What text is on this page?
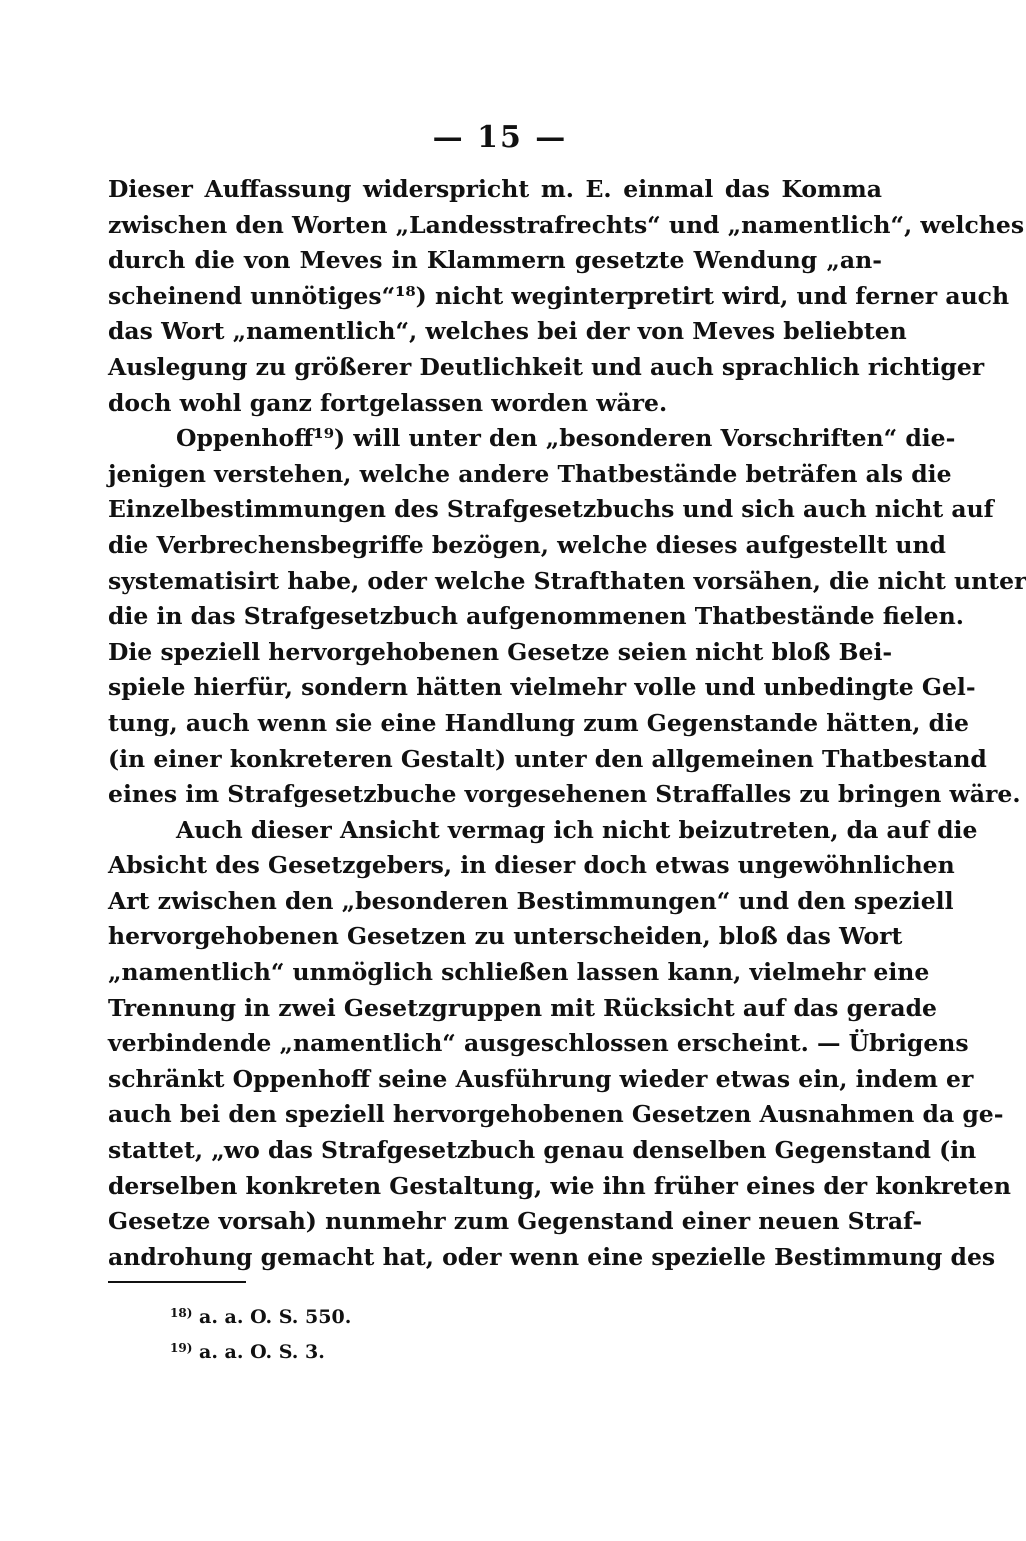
— 15 —

Dieser Auffassung widerspricht m. E. einmal das Komma
zwischen den Worten „Landesstrafrechts“ und „namentlich“, welches
durch die von Meves in Klammern gesetzte Wendung „an-
scheinend unnötiges“¹⁸) nicht weginterpretirt wird, und ferner auch
das Wort „namentlich“, welches bei der von Meves beliebten
Auslegung zu größerer Deutlichkeit und auch sprachlich richtiger
doch wohl ganz fortgelassen worden wäre.

Oppenhoff¹⁹) will unter den „besonderen Vorschriften“ die-
jenigen verstehen, welche andere Thatbestände beträfen als die
Einzelbestimmungen des Strafgesetzbuchs und sich auch nicht auf
die Verbrechensbegriffe bezögen, welche dieses aufgestellt und
systematisirt habe, oder welche Strafthaten vorsähen, die nicht unter
die in das Strafgesetzbuch aufgenommenen Thatbestände fielen.
Die speziell hervorgehobenen Gesetze seien nicht bloß Bei-
spiele hierfür, sondern hätten vielmehr volle und unbedingte Gel-
tung, auch wenn sie eine Handlung zum Gegenstande hätten, die
(in einer konkreteren Gestalt) unter den allgemeinen Thatbestand
eines im Strafgesetzbuche vorgesehenen Straffalles zu bringen wäre.

Auch dieser Ansicht vermag ich nicht beizutreten, da auf die
Absicht des Gesetzgebers, in dieser doch etwas ungewöhnlichen
Art zwischen den „besonderen Bestimmungen“ und den speziell
hervorgehobenen Gesetzen zu unterscheiden, bloß das Wort
„namentlich“ unmöglich schließen lassen kann, vielmehr eine
Trennung in zwei Gesetzgruppen mit Rücksicht auf das gerade
verbindende „namentlich“ ausgeschlossen erscheint. — Übrigens
schränkt Oppenhoff seine Ausführung wieder etwas ein, indem er
auch bei den speziell hervorgehobenen Gesetzen Ausnahmen da ge-
stattet, „wo das Strafgesetzbuch genau denselben Gegenstand (in
derselben konkreten Gestaltung, wie ihn früher eines der konkreten
Gesetze vorsah) nunmehr zum Gegenstand einer neuen Straf-
androhung gemacht hat, oder wenn eine spezielle Bestimmung des

$^{18)}$ a. a. O. S. 550.
$^{19)}$ a. a. O. S. 3.
